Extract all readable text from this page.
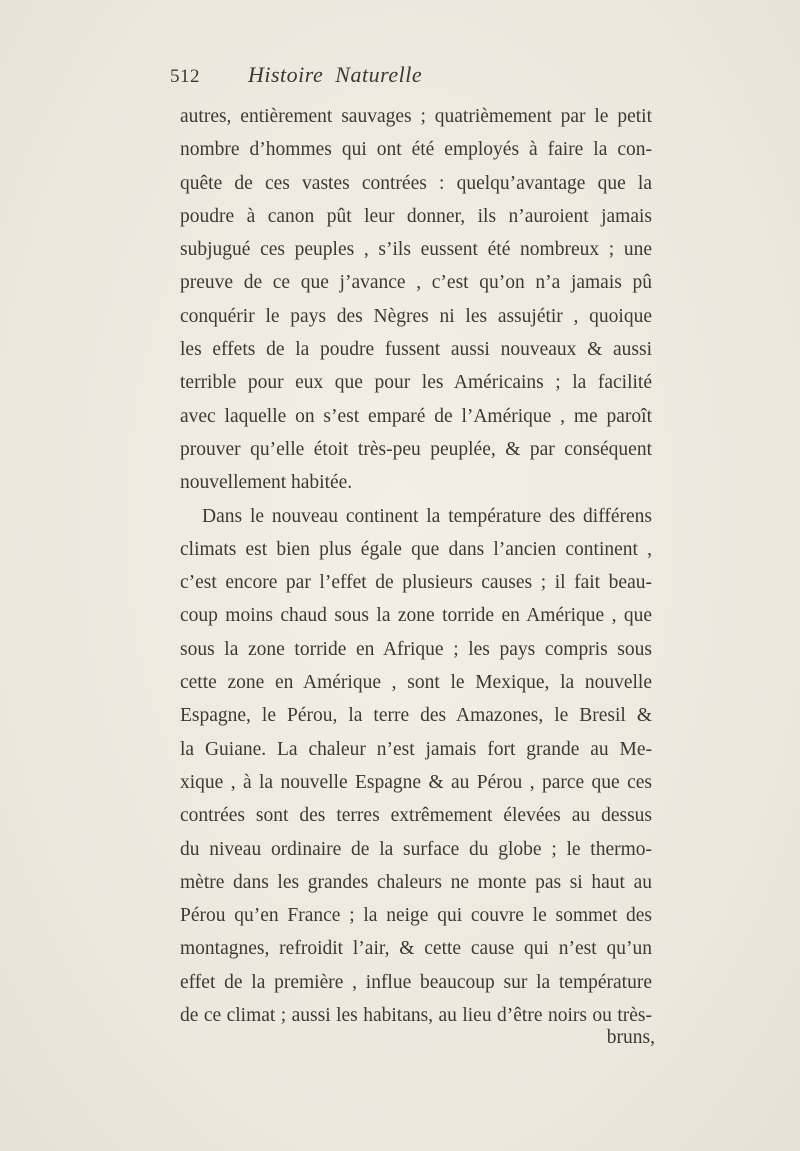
512 Histoire Naturelle
autres, entièrement sauvages ; quatrièmement par le petit
nombre d’hommes qui ont été employés à faire la con-
quête de ces vastes contrées : quelqu’avantage que la
poudre à canon pût leur donner, ils n’auroient jamais
subjugué ces peuples , s’ils eussent été nombreux ; une
preuve de ce que j’avance , c’est qu’on n’a jamais pû
conquérir le pays des Nègres ni les assujétir , quoique
les effets de la poudre fussent aussi nouveaux & aussi
terrible pour eux que pour les Américains ; la facilité
avec laquelle on s’est emparé de l’Amérique , me paroît
prouver qu’elle étoit très-peu peuplée, & par conséquent
nouvellement habitée.
Dans le nouveau continent la température des différens
climats est bien plus égale que dans l’ancien continent ,
c’est encore par l’effet de plusieurs causes ; il fait beau-
coup moins chaud sous la zone torride en Amérique , que
sous la zone torride en Afrique ; les pays compris sous
cette zone en Amérique , sont le Mexique, la nouvelle
Espagne, le Pérou, la terre des Amazones, le Bresil &
la Guiane. La chaleur n’est jamais fort grande au Me-
xique , à la nouvelle Espagne & au Pérou , parce que ces
contrées sont des terres extrêmement élevées au dessus
du niveau ordinaire de la surface du globe ; le thermo-
mètre dans les grandes chaleurs ne monte pas si haut au
Pérou qu’en France ; la neige qui couvre le sommet des
montagnes, refroidit l’air, & cette cause qui n’est qu’un
effet de la première , influe beaucoup sur la température
de ce climat ; aussi les habitans, au lieu d’être noirs ou très-
bruns,
